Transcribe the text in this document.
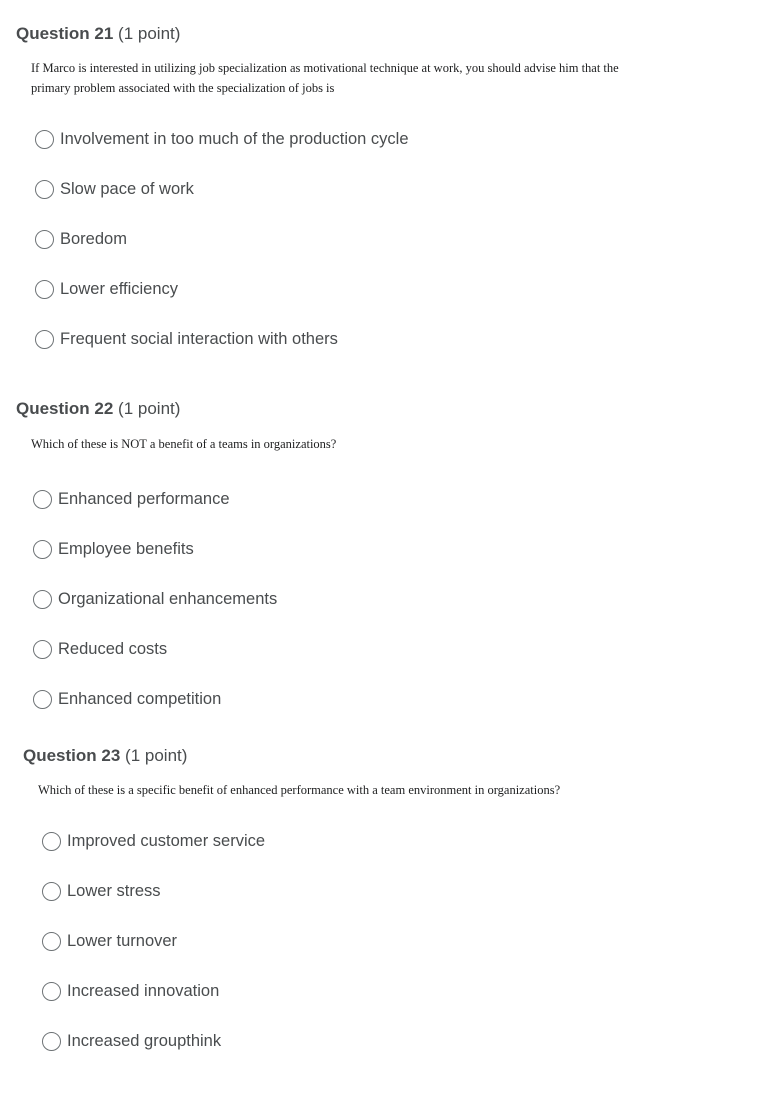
Question 21 (1 point)
If Marco is interested in utilizing job specialization as motivational technique at work, you should advise him that the
primary problem associated with the specialization of jobs is
Involvement in too much of the production cycle
Slow pace of work
Boredom
Lower efficiency
Frequent social interaction with others
Question 22 (1 point)
Which of these is NOT a benefit of a teams in organizations?
Enhanced performance
Employee benefits
Organizational enhancements
Reduced costs
Enhanced competition
Question 23 (1 point)
Which of these is a specific benefit of enhanced performance with a team environment in organizations?
Improved customer service
Lower stress
Lower turnover
Increased innovation
Increased groupthink
